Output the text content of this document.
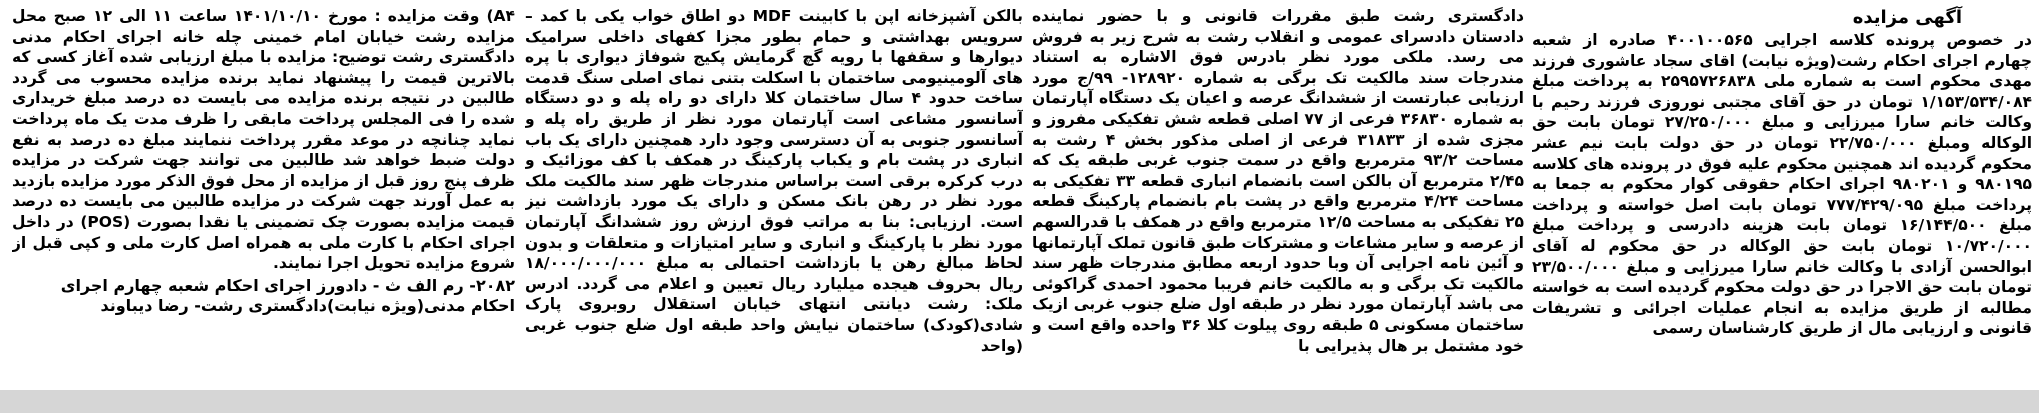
آگهی مزایده

در خصوص پرونده کلاسه اجرایی ۴۰۰۱۰۰۵۶۵ صادره از شعبه چهارم اجرای احکام رشت(ویژه نیابت) اقای سجاد عاشوری فرزند مهدی محکوم است به شماره ملی ۲۵۹۵۷۲۶۸۳۸ به پرداخت مبلغ ۱/۱۵۳/۵۳۴/۰۸۴ تومان در حق آقای مجتبی نوروزی فرزند رحیم با وکالت خانم سارا میرزایی و مبلغ ۲۷/۲۵۰/۰۰۰ تومان بابت حق الوکاله ومبلغ ۲۲/۷۵۰/۰۰۰ تومان در حق دولت بابت نیم عشر محکوم گردیده اند همچنین محکوم علیه فوق در پرونده های کلاسه ۹۸۰۱۹۵ و ۹۸۰۲۰۱ اجرای احکام حقوقی کوار محکوم به جمعا به پرداخت مبلغ ۷۷۷/۴۲۹/۰۹۵ تومان بابت اصل خواسته و پرداخت مبلغ ۱۶/۱۴۴/۵۰۰ تومان بابت هزینه دادرسی و پرداخت مبلغ ۱۰/۷۲۰/۰۰۰ تومان بابت حق الوکاله در حق محکوم له آقای ابوالحسن آزادی با وکالت خانم سارا میرزایی و مبلغ ۲۳/۵۰۰/۰۰۰ تومان بابت حق الاجرا در حق دولت محکوم گردیده است به خواسته مطالبه از طریق مزایده به انجام عملیات اجرائی و تشریفات قانونی و ارزیابی مال از طریق کارشناسان رسمی

دادگستری رشت طبق مقررات قانونی و با حضور نماینده دادستان دادسرای عمومی و انقلاب رشت به شرح زیر به فروش می رسد. ملکی مورد نظر بادرس فوق الاشاره به استناد مندرجات سند مالکیت تک برگی به شماره ۱۲۸۹۲۰- ۹۹/ج مورد ارزیابی عبارتست از ششدانگ عرصه و اعیان یک دستگاه آپارتمان به شماره ۳۶۸۳۰ فرعی از ۷۷ اصلی قطعه شش تفکیکی مفروز و مجزی شده از ۳۱۸۳۳ فرعی از اصلی مذکور بخش ۴ رشت به مساحت ۹۳/۲ مترمربع واقع در سمت جنوب غربی طبقه یک که ۲/۴۵ مترمربع آن بالکن است بانضمام انباری قطعه ۳۳ تفکیکی به مساحت ۴/۲۴ مترمربع واقع در پشت بام بانضمام پارکینگ قطعه ۲۵ تفکیکی به مساحت ۱۲/۵ مترمربع واقع در همکف با قدرالسهم از عرصه و سایر مشاعات و مشترکات طبق قانون تملک آپارتمانها و آئین نامه اجرایی آن وبا حدود اربعه مطابق مندرجات ظهر سند مالکیت تک برگی و به مالکیت خانم فریبا محمود احمدی گراکوئی می باشد آپارتمان مورد نظر در طبقه اول ضلع جنوب غربی ازیک ساختمان مسکونی ۵ طبقه روی پیلوت کلا ۳۶ واحده واقع است و خود مشتمل بر هال پذیرایی با

بالکن آشپزخانه اپن با کابینت MDF دو اطاق خواب یکی با کمد –سرویس بهداشتی و حمام بطور مجزا کفهای داخلی سرامیک دیوارها و سقفها با رویه گچ گرمایش پکیج شوفاژ دیواری با پره های آلومینیومی ساختمان با اسکلت بتنی نمای اصلی سنگ قدمت ساخت حدود ۴ سال ساختمان کلا دارای دو راه پله و دو دستگاه آسانسور مشاعی است آپارتمان مورد نظر از طریق راه پله و آسانسور جنوبی به آن دسترسی وجود دارد همچنین دارای یک باب انباری در پشت بام و یکباب پارکینگ در همکف با کف موزائیک و درب کرکره برقی است براساس مندرجات ظهر سند مالکیت ملک مورد نظر در رهن بانک مسکن و دارای یک مورد بازداشت نیز است. ارزیابی: بنا به مراتب فوق ارزش روز ششدانگ آپارتمان مورد نظر با پارکینگ و انباری و سایر امتیازات و متعلقات و بدون لحاظ مبالغ رهن یا بازداشت احتمالی به مبلغ ۱۸/۰۰۰/۰۰۰/۰۰۰ ریال بحروف هیجده میلیارد ریال تعیین و اعلام می گردد. ادرس ملک: رشت دیانتی انتهای خیابان استقلال روبروی پارک شادی(کودک) ساختمان نیایش واحد طبقه اول ضلع جنوب غربی (واحد

A۴) وقت مزایده : مورخ ۱۴۰۱/۱۰/۱۰ ساعت ۱۱ الی ۱۲ صبح محل مزایده رشت خیابان امام خمینی چله خانه اجرای احکام مدنی دادگستری رشت توضیح: مزایده با مبلغ ارزیابی شده آغاز کسی که بالاترین قیمت را پیشنهاد نماید برنده مزایده محسوب می گردد طالبین در نتیجه برنده مزایده می بایست ده درصد مبلغ خریداری شده را فی المجلس پرداخت مابقی را ظرف مدت یک ماه پرداخت نماید چنانچه در موعد مقرر پرداخت ننمایند مبلغ ده درصد به نفع دولت ضبط خواهد شد طالبین می توانند جهت شرکت در مزایده ظرف پنج روز قبل از مزایده از محل فوق الذکر مورد مزایده بازدید به عمل آورند جهت شرکت در مزایده طالبین می بایست ده درصد قیمت مزایده بصورت چک تضمینی یا نقدا بصورت (POS) در داخل اجرای احکام با کارت ملی به همراه اصل کارت ملی و کپی قبل از شروع مزایده تحویل اجرا نمایند.

۲۰۸۲- رم الف ث - دادورز اجرای احکام شعبه چهارم اجرای احکام مدنی(ویژه نیابت)دادگستری رشت- رضا دیباوند
